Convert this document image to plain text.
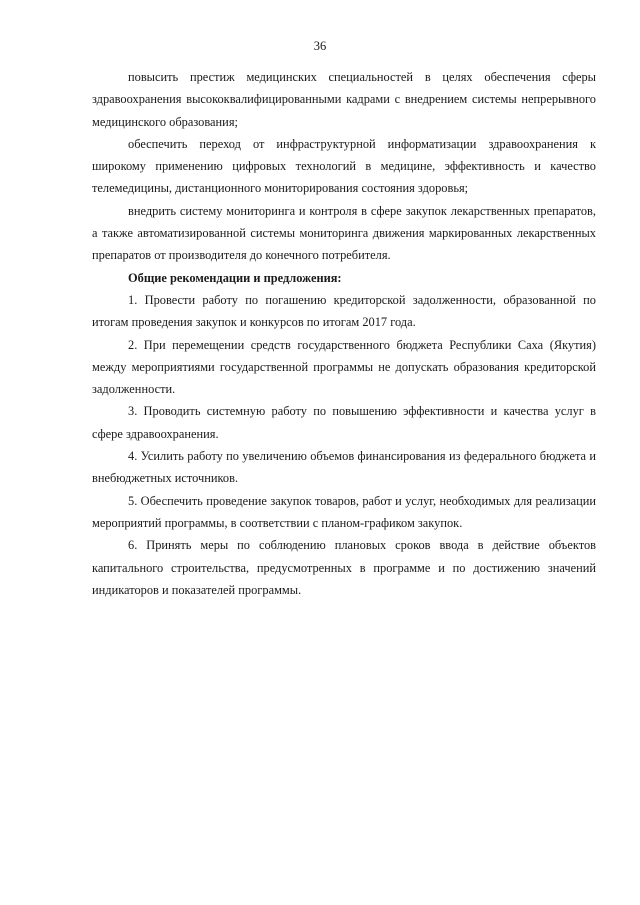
36

повысить престиж медицинских специальностей в целях обеспечения сферы здравоохранения высококвалифицированными кадрами с внедрением системы непрерывного медицинского образования;

обеспечить переход от инфраструктурной информатизации здравоохранения к широкому применению цифровых технологий в медицине, эффективность и качество телемедицины, дистанционного мониторирования состояния здоровья;

внедрить систему мониторинга и контроля в сфере закупок лекарственных препаратов, а также автоматизированной системы мониторинга движения маркированных лекарственных препаратов от производителя до конечного потребителя.

Общие рекомендации и предложения:

1. Провести работу по погашению кредиторской задолженности, образованной по итогам проведения закупок и конкурсов по итогам 2017 года.

2. При перемещении средств государственного бюджета Республики Саха (Якутия) между мероприятиями государственной программы не допускать образования кредиторской задолженности.

3. Проводить системную работу по повышению эффективности и качества услуг в сфере здравоохранения.

4. Усилить работу по увеличению объемов финансирования из федерального бюджета и внебюджетных источников.

5. Обеспечить проведение закупок товаров, работ и услуг, необходимых для реализации мероприятий программы, в соответствии с планом-графиком закупок.

6. Принять меры по соблюдению плановых сроков ввода в действие объектов капитального строительства, предусмотренных в программе и по достижению значений индикаторов и показателей программы.
